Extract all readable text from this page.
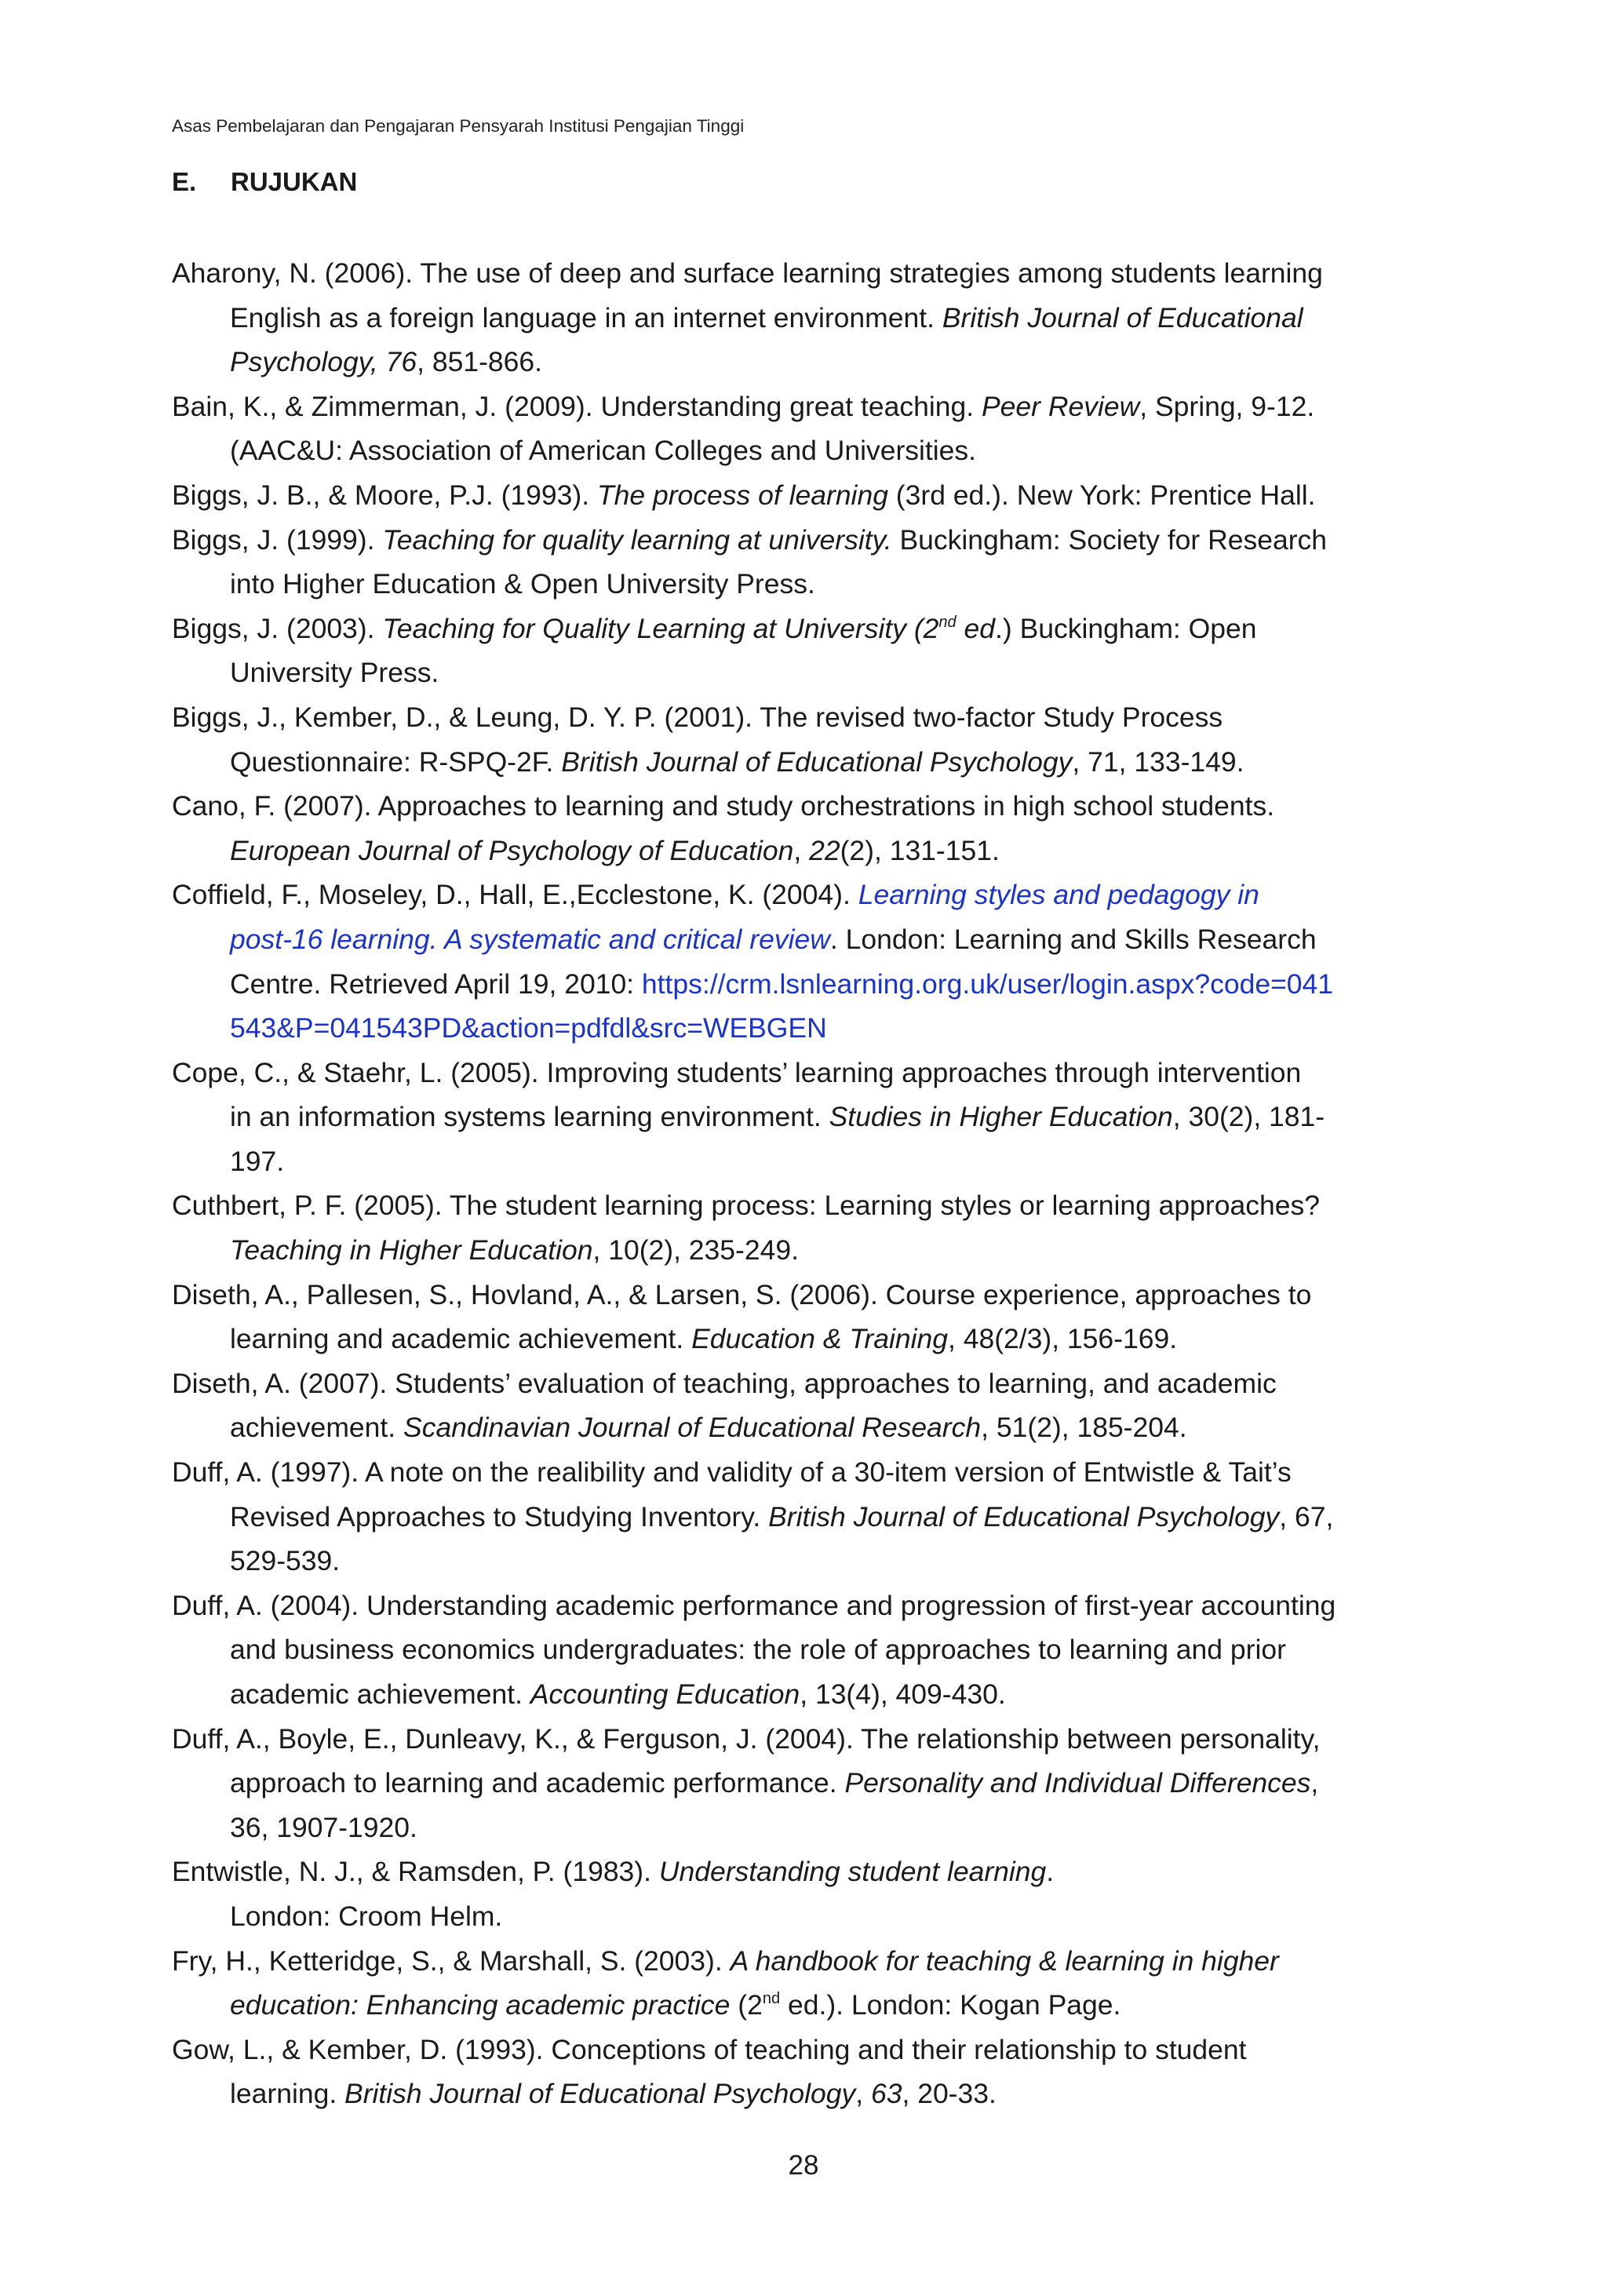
Asas Pembelajaran dan Pengajaran Pensyarah Institusi Pengajian Tinggi
E.	RUJUKAN
Aharony, N. (2006). The use of deep and surface learning strategies among students learning
English as a foreign language in an internet environment. British Journal of Educational
Psychology, 76, 851-866.
Bain, K., & Zimmerman, J. (2009). Understanding great teaching. Peer Review, Spring, 9-12.
(AAC&U: Association of American Colleges and Universities.
Biggs, J. B., & Moore, P.J. (1993). The process of learning (3rd ed.). New York: Prentice Hall.
Biggs, J. (1999). Teaching for quality learning at university. Buckingham: Society for Research
into Higher Education & Open University Press.
Biggs, J. (2003). Teaching for Quality Learning at University (2nd ed.) Buckingham: Open
University Press.
Biggs, J., Kember, D., & Leung, D. Y. P. (2001). The revised two-factor Study Process
Questionnaire: R-SPQ-2F. British Journal of Educational Psychology, 71, 133-149.
Cano, F. (2007). Approaches to learning and study orchestrations in high school students.
European Journal of Psychology of Education, 22(2), 131-151.
Coffield, F., Moseley, D., Hall, E.,Ecclestone, K. (2004). Learning styles and pedagogy in
post-16 learning. A systematic and critical review. London: Learning and Skills Research
Centre. Retrieved April 19, 2010: https://crm.lsnlearning.org.uk/user/login.aspx?code=041
543&P=041543PD&action=pdfdl&src=WEBGEN
Cope, C., & Staehr, L. (2005). Improving students’ learning approaches through intervention
in an information systems learning environment. Studies in Higher Education, 30(2), 181-
197.
Cuthbert, P. F. (2005). The student learning process: Learning styles or learning approaches?
Teaching in Higher Education, 10(2), 235-249.
Diseth, A., Pallesen, S., Hovland, A., & Larsen, S. (2006). Course experience, approaches to
learning and academic achievement. Education & Training, 48(2/3), 156-169.
Diseth, A. (2007). Students’ evaluation of teaching, approaches to learning, and academic
achievement. Scandinavian Journal of Educational Research, 51(2), 185-204.
Duff, A. (1997). A note on the realibility and validity of a 30-item version of Entwistle & Tait’s
Revised Approaches to Studying Inventory. British Journal of Educational Psychology, 67,
529-539.
Duff, A. (2004). Understanding academic performance and progression of first-year accounting
and business economics undergraduates: the role of approaches to learning and prior
academic achievement. Accounting Education, 13(4), 409-430.
Duff, A., Boyle, E., Dunleavy, K., & Ferguson, J. (2004). The relationship between personality,
approach to learning and academic performance. Personality and Individual Differences,
36, 1907-1920.
Entwistle, N. J., & Ramsden, P. (1983). Understanding student learning.
London: Croom Helm.
Fry, H., Ketteridge, S., & Marshall, S. (2003). A handbook for teaching & learning in higher
education: Enhancing academic practice (2nd ed.). London: Kogan Page.
Gow, L., & Kember, D. (1993). Conceptions of teaching and their relationship to student
learning. British Journal of Educational Psychology, 63, 20-33.
28
